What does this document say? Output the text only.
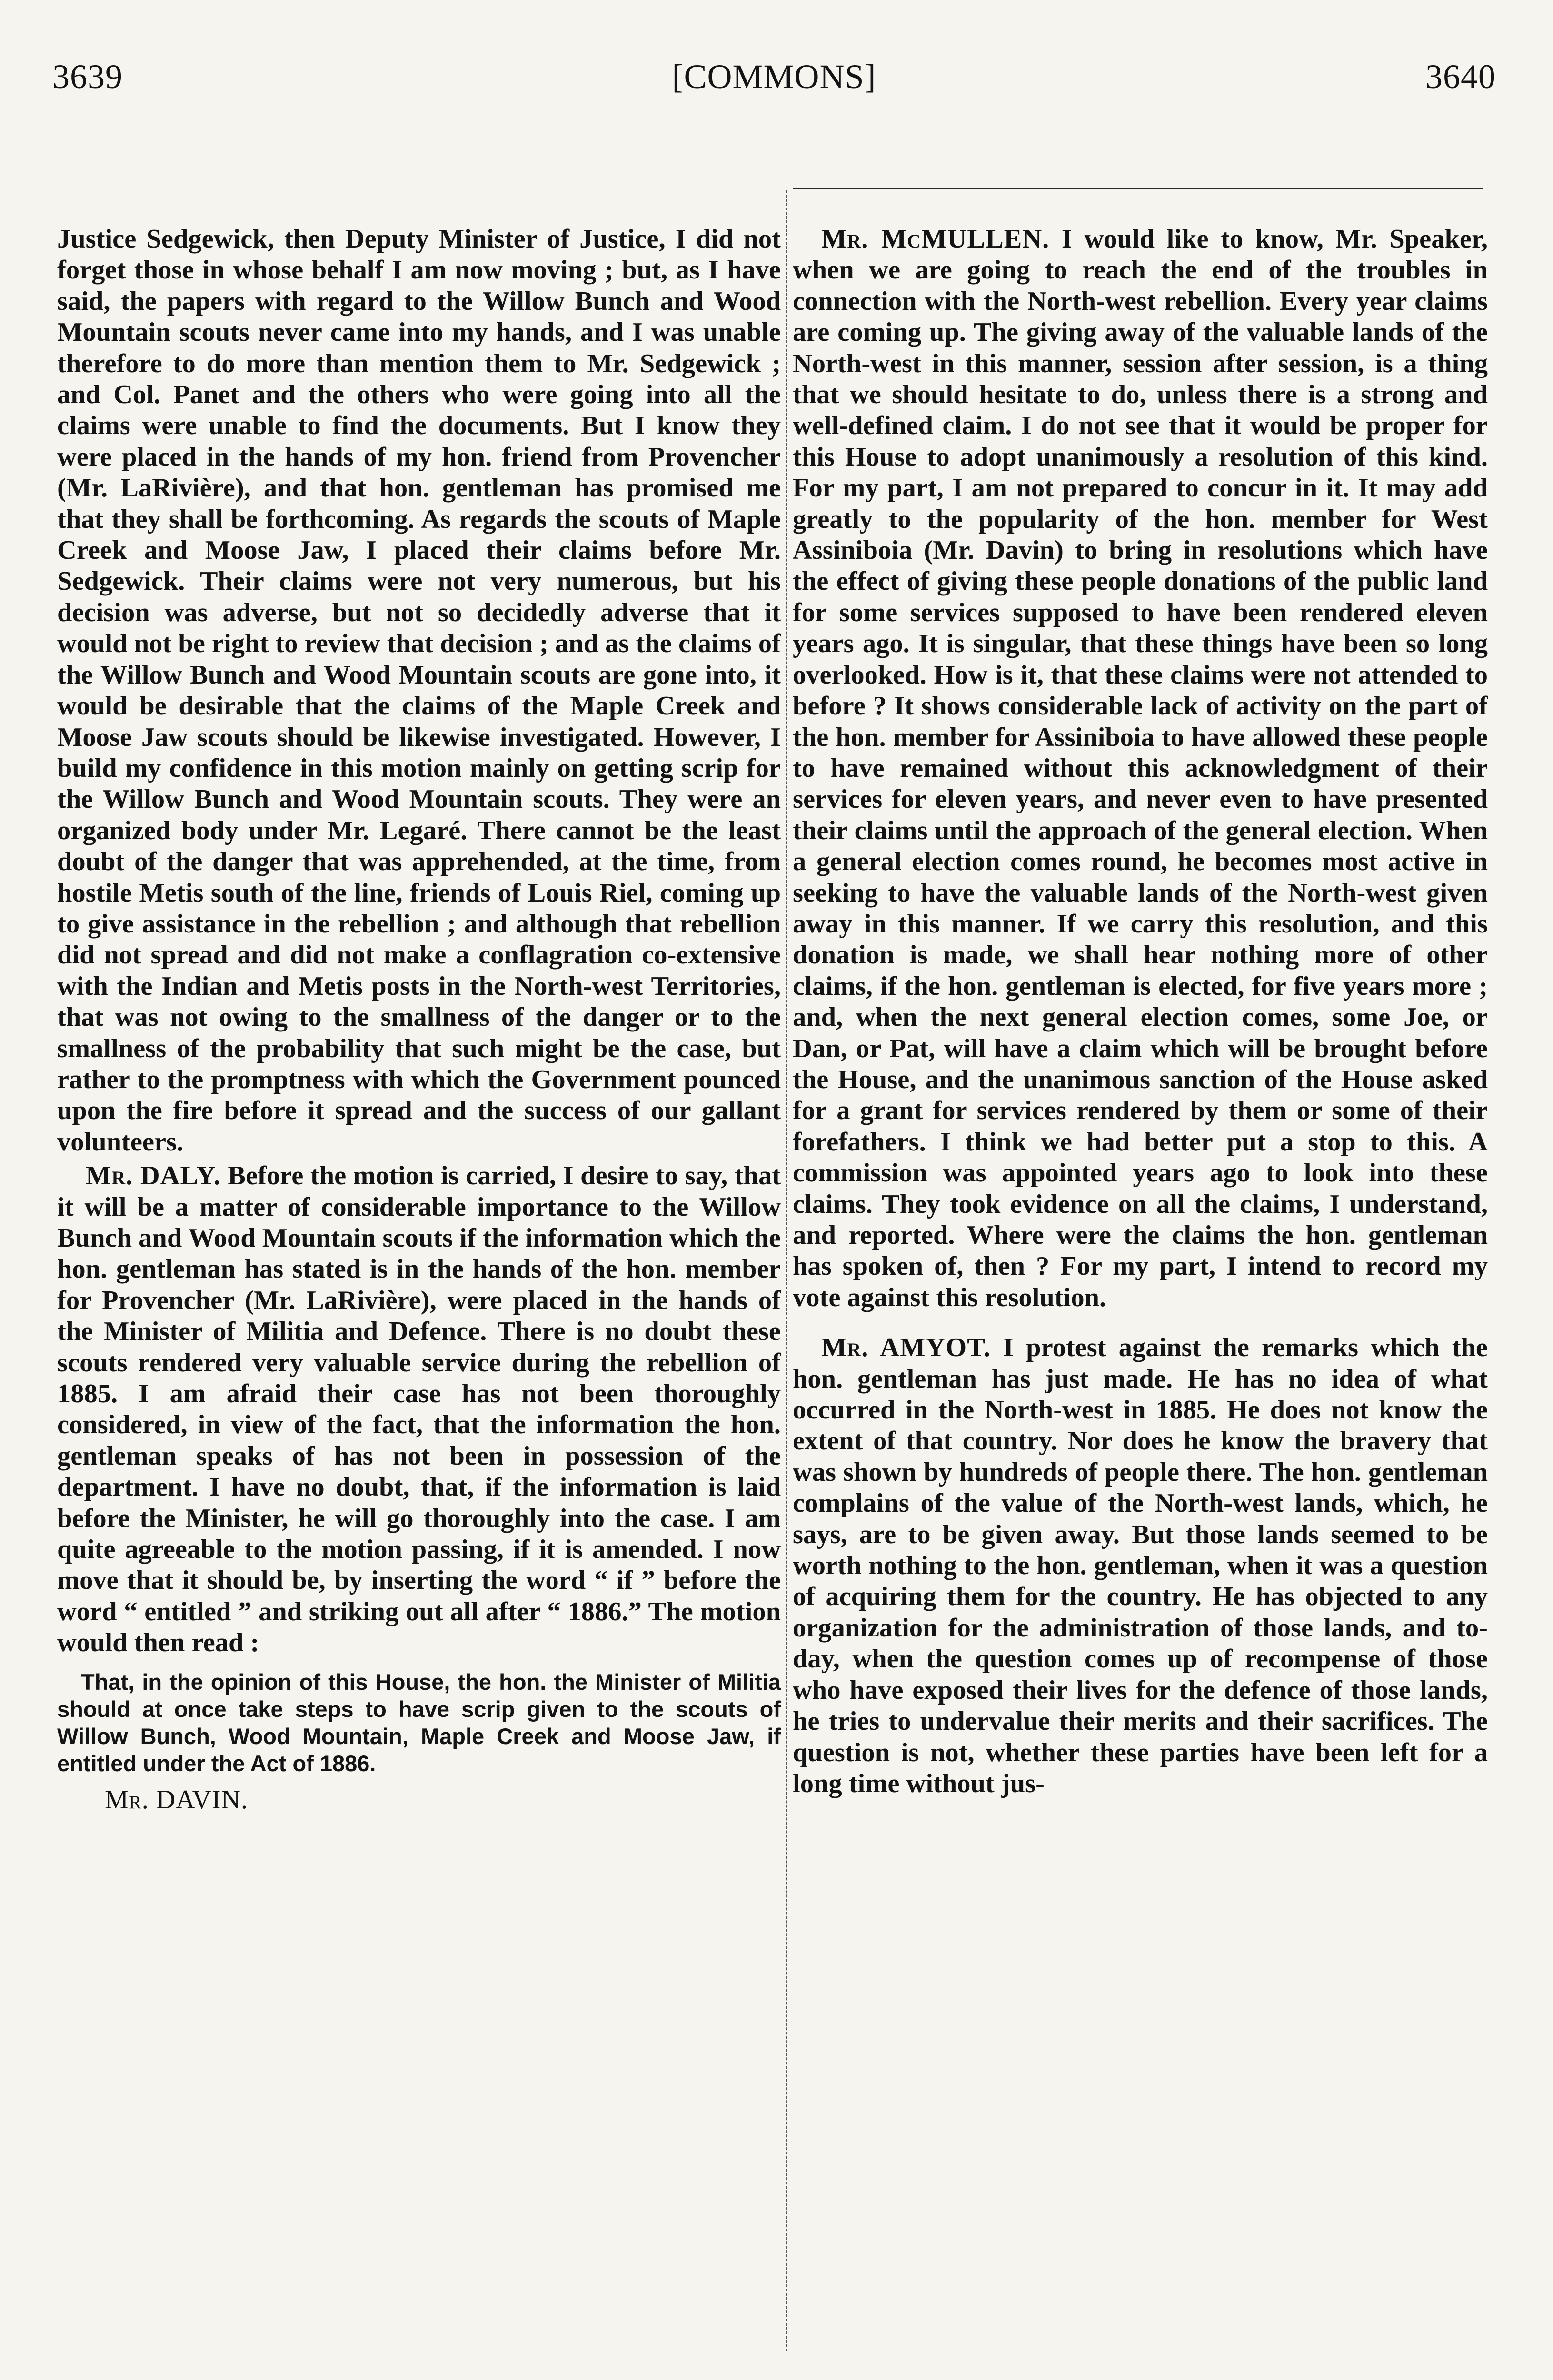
3639	[COMMONS]	3640

Justice Sedgewick, then Deputy Minister of Justice, I did not forget those in whose behalf I am now moving ; but, as I have said, the papers with regard to the Willow Bunch and Wood Mountain scouts never came into my hands, and I was unable therefore to do more than mention them to Mr. Sedgewick ; and Col. Panet and the others who were going into all the claims were unable to find the documents. But I know they were placed in the hands of my hon. friend from Provencher (Mr. LaRivière), and that hon. gentleman has promised me that they shall be forthcoming. As regards the scouts of Maple Creek and Moose Jaw, I placed their claims before Mr. Sedgewick. Their claims were not very numerous, but his decision was adverse, but not so decidedly adverse that it would not be right to review that decision ; and as the claims of the Willow Bunch and Wood Mountain scouts are gone into, it would be desirable that the claims of the Maple Creek and Moose Jaw scouts should be likewise investigated. However, I build my confidence in this motion mainly on getting scrip for the Willow Bunch and Wood Mountain scouts. They were an organized body under Mr. Legaré. There cannot be the least doubt of the danger that was apprehended, at the time, from hostile Metis south of the line, friends of Louis Riel, coming up to give assistance in the rebellion ; and although that rebellion did not spread and did not make a conflagration co-extensive with the Indian and Metis posts in the North-west Territories, that was not owing to the smallness of the danger or to the smallness of the probability that such might be the case, but rather to the promptness with which the Government pounced upon the fire before it spread and the success of our gallant volunteers.

Mr. DALY. Before the motion is carried, I desire to say, that it will be a matter of considerable importance to the Willow Bunch and Wood Mountain scouts if the information which the hon. gentleman has stated is in the hands of the hon. member for Provencher (Mr. LaRivière), were placed in the hands of the Minister of Militia and Defence. There is no doubt these scouts rendered very valuable service during the rebellion of 1885. I am afraid their case has not been thoroughly considered, in view of the fact, that the information the hon. gentleman speaks of has not been in possession of the department. I have no doubt, that, if the information is laid before the Minister, he will go thoroughly into the case. I am quite agreeable to the motion passing, if it is amended. I now move that it should be, by inserting the word “ if ” before the word “ entitled ” and striking out all after “ 1886.” The motion would then read :

That, in the opinion of this House, the hon. the Minister of Militia should at once take steps to have scrip given to the scouts of Willow Bunch, Wood Mountain, Maple Creek and Moose Jaw, if entitled under the Act of 1886.

Mr. DAVIN.

Mr. McMULLEN. I would like to know, Mr. Speaker, when we are going to reach the end of the troubles in connection with the North-west rebellion. Every year claims are coming up. The giving away of the valuable lands of the North-west in this manner, session after session, is a thing that we should hesitate to do, unless there is a strong and well-defined claim. I do not see that it would be proper for this House to adopt unanimously a resolution of this kind. For my part, I am not prepared to concur in it. It may add greatly to the popularity of the hon. member for West Assiniboia (Mr. Davin) to bring in resolutions which have the effect of giving these people donations of the public land for some services supposed to have been rendered eleven years ago. It is singular, that these things have been so long overlooked. How is it, that these claims were not attended to before ? It shows considerable lack of activity on the part of the hon. member for Assiniboia to have allowed these people to have remained without this acknowledgment of their services for eleven years, and never even to have presented their claims until the approach of the general election. When a general election comes round, he becomes most active in seeking to have the valuable lands of the North-west given away in this manner. If we carry this resolution, and this donation is made, we shall hear nothing more of other claims, if the hon. gentleman is elected, for five years more ; and, when the next general election comes, some Joe, or Dan, or Pat, will have a claim which will be brought before the House, and the unanimous sanction of the House asked for a grant for services rendered by them or some of their forefathers. I think we had better put a stop to this. A commission was appointed years ago to look into these claims. They took evidence on all the claims, I understand, and reported. Where were the claims the hon. gentleman has spoken of, then ? For my part, I intend to record my vote against this resolution.

Mr. AMYOT. I protest against the remarks which the hon. gentleman has just made. He has no idea of what occurred in the North-west in 1885. He does not know the extent of that country. Nor does he know the bravery that was shown by hundreds of people there. The hon. gentleman complains of the value of the North-west lands, which, he says, are to be given away. But those lands seemed to be worth nothing to the hon. gentleman, when it was a question of acquiring them for the country. He has objected to any organization for the administration of those lands, and to-day, when the question comes up of recompense of those who have exposed their lives for the defence of those lands, he tries to undervalue their merits and their sacrifices. The question is not, whether these parties have been left for a long time without jus-
